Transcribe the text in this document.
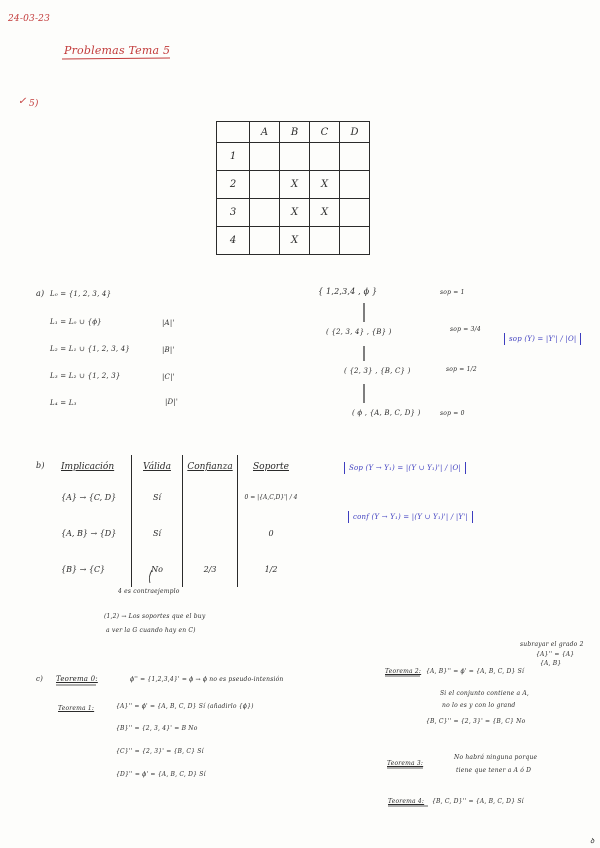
ꝺ
24-03-23
Problemas Tema 5
✓ 5)
	A	B	C	D
1				
2		X	X	
3		X	X	
4		X		
a) L₀ = {1, 2, 3, 4}
L₁ = L₀ ∪ {ϕ}	|A|'
L₂ = L₁ ∪ {1, 2, 3, 4}	|B|'
L₃ = L₂ ∪ {1, 2, 3}	|C|'
L₄ = L₃	|D|'
{ 1,2,3,4 , ϕ }	sop = 1
( {2, 3, 4} , {B} )	sop = 3/4
( {2, 3} , {B, C} )	sop = 1/2
( ϕ , {A, B, C, D} )	sop = 0
sop (Y) = |Y'| / |O|
b) Implicación	Válida	Confianza	Soporte
{A} → {C, D}	Sí		0 = |{A,C,D}'| / 4
{A, B} → {D}	Sí		0
{B} → {C}	No	2/3	1/2
4 es contraejemplo
(1,2) → Los soportes que el buy
a ver la G cuando hay en C)
Sop (Y → Y₁) = |(Y ∪ Y₁)'| / |O|
conf (Y → Y₁) = |(Y ∪ Y₁)'| / |Y'|
c) Teorema 0:	ϕ'' = {1,2,3,4}' = ϕ → ϕ no es pseudo-intensión
Teorema 1:	{A}'' = ϕ' = {A, B, C, D} Sí (añadirlo {ϕ})
{B}'' = {2, 3, 4}' = B No
{C}'' = {2, 3}' = {B, C} Sí
{D}'' = ϕ' = {A, B, C, D} Sí
subrayar el grado 2
{A}'' = {A}
{A, B}
Teorema 2: {A, B}'' = ϕ' = {A, B, C, D} Sí
Si el conjunto contiene a A,
no lo es y con lo grand
{B, C}'' = {2, 3}' = {B, C} No
Teorema 3:
No habrá ninguna porque
tiene que tener a A ó D
Teorema 4: {B, C, D}'' = {A, B, C, D} Sí
